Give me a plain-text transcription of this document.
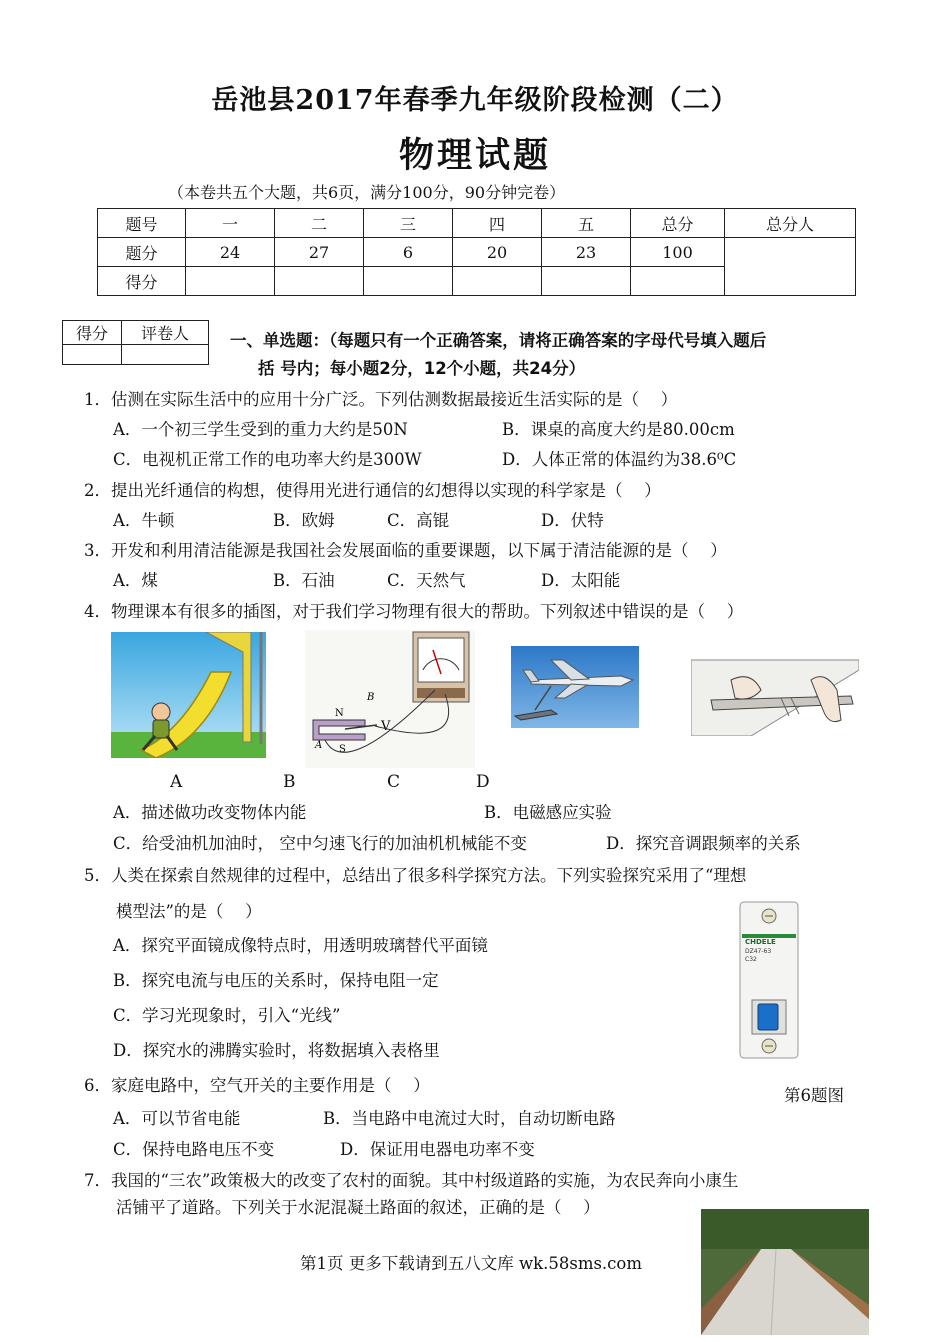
岳池县2017年春季九年级阶段检测（二）
物理试题
（本卷共五个大题，共6页，满分100分，90分钟完卷）
题号	一	二	三	四	五	总分	总分人
题分	24	27	6	20	23	100	
得分							
得分	评卷人
	一、单选题：（每题只有一个正确答案，请将正确答案的字母代号填入题后
括 号内；每小题2分，12个小题，共24分）
1．估测在实际生活中的应用十分广泛。下列估测数据最接近生活实际的是（　 ）
A．一个初三学生受到的重力大约是50N	B．课桌的高度大约是80.00cm
C．电视机正常工作的电功率大约是300W	D．人体正常的体温约为38.6⁰C
2．提出光纤通信的构想，使得用光进行通信的幻想得以实现的科学家是（　 ）
A．牛顿	B．欧姆	C．高锟	D．伏特
3．开发和利用清洁能源是我国社会发展面临的重要课题，以下属于清洁能源的是（　 ）
A．煤	B．石油	C．天然气	D．太阳能
4．物理课本有很多的插图，对于我们学习物理有很大的帮助。下列叙述中错误的是（　 ）
N
B
S
A
V
A	B	C	D
A．描述做功改变物体内能	B．电磁感应实验
C．给受油机加油时， 空中匀速飞行的加油机机械能不变	D．探究音调跟频率的关系
5．人类在探索自然规律的过程中，总结出了很多科学探究方法。下列实验探究采用了“理想
模型法”的是（　 ）
A．探究平面镜成像特点时，用透明玻璃替代平面镜
B．探究电流与电压的关系时，保持电阻一定
C．学习光现象时，引入“光线”
D．探究水的沸腾实验时，将数据填入表格里
CHDELE
DZ47-63
C32
第6题图
6．家庭电路中，空气开关的主要作用是（　 ）
A．可以节省电能	B．当电路中电流过大时，自动切断电路
C．保持电路电压不变	D．保证用电器电功率不变
7．我国的“三农”政策极大的改变了农村的面貌。其中村级道路的实施，为农民奔向小康生
活铺平了道路。下列关于水泥混凝土路面的叙述，正确的是（　 ）
第1页 更多下载请到五八文库 wk.58sms.com
